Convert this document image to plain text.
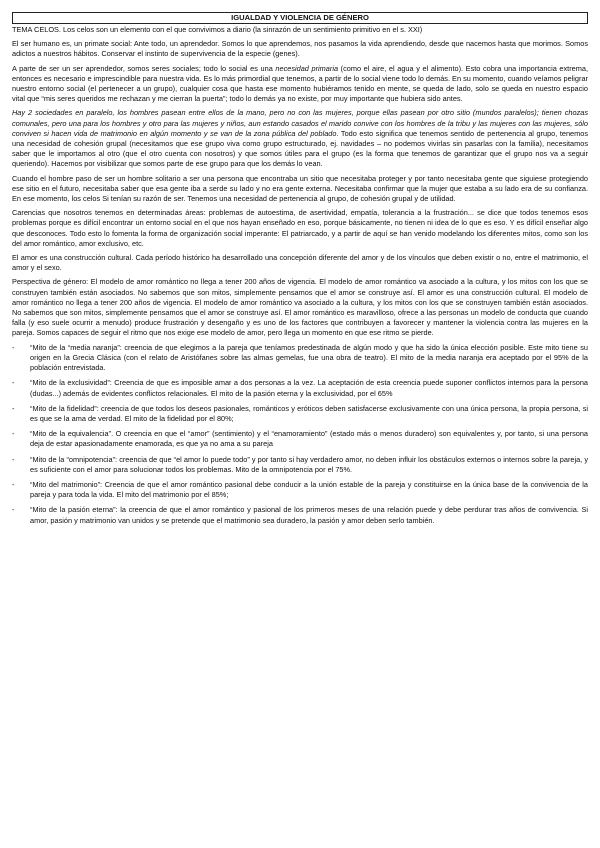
IGUALDAD Y VIOLENCIA DE GÉNERO

TEMA CELOS. Los celos son un elemento con el que convivimos a diario (la sinrazón de un sentimiento primitivo en el s. XXI)

El ser humano es, un primate social: Ante todo, un aprendedor. Somos lo que aprendemos, nos pasamos la vida aprendiendo, desde que nacemos hasta que morimos. Somos adictos a nuestros hábitos. Conservar el instinto de supervivencia de la especie (genes).

A parte de ser un ser aprendedor, somos seres sociales; todo lo social es una necesidad primaria (como el aire, el agua y el alimento). Esto cobra una importancia extrema, entonces es necesario e imprescindible para nuestra vida. Es lo más primordial que tenemos, a partir de lo social viene todo lo demás. En su momento, cuando veíamos peligrar nuestro entorno social (el pertenecer a un grupo), cualquier cosa que hasta ese momento hubiéramos tenido en mente, se queda de lado, solo se queda en nuestro espacio vital que “mis seres queridos me rechazan y me cierran la puerta”; todo lo demás ya no existe, por muy importante que hubiera sido antes.

Hay 2 sociedades en paralelo, los hombres pasean entre ellos de la mano, pero no con las mujeres, porque ellas pasean por otro sitio (mundos paralelos); tienen chozas comunales, pero una para los hombres y otro para las mujeres y niños, aun estando casados el marido convive con los hombres de la tribu y las mujeres con las mujeres, sólo conviven si hacen vida de matrimonio en algún momento y se van de la zona pública del poblado. Todo esto significa que tenemos sentido de pertenencia al grupo, tenemos una necesidad de cohesión grupal (necesitamos que ese grupo viva como grupo estructurado, ej. navidades – no podemos vivirlas sin pasarlas con la familia), necesitamos saber que le importamos al otro (que el otro cuenta con nosotros) y que somos útiles para el grupo (es la forma que tenemos de garantizar que el grupo nos va a seguir queriendo). Hacemos por visibilizar que somos parte de ese grupo para que los demás lo vean.

Cuando el hombre paso de ser un hombre solitario a ser una persona que encontraba un sitio que necesitaba proteger y por tanto necesitaba gente que siguiese protegiendo ese sitio en el futuro, necesitaba saber que esa gente iba a serde su lado y no era gente externa. Necesitaba confirmar que la mujer que estaba a su lado era de su confianza. En ese momento, los celos Si tenían su razón de ser. Tenemos una necesidad de pertenencia al grupo, de cohesión grupal y de utilidad.

Carencias que nosotros tenemos en determinadas áreas: problemas de autoestima, de asertividad, empatía, tolerancia a la frustración... se dice que todos tenemos esos problemas porque es difícil encontrar un entorno social en el que nos hayan enseñado en eso, porque básicamente, no tienen ni idea de lo que es eso. Y es difícil enseñar algo que desconoces. Todo esto lo fomenta la forma de organización social imperante: El patriarcado, y a partir de aquí se han venido modelando los diferentes mitos, como son los del amor romántico, amor exclusivo, etc.

El amor es una construcción cultural. Cada período histórico ha desarrollado una concepción diferente del amor y de los vínculos que deben existir o no, entre el matrimonio, el amor y el sexo.

Perspectiva de género: El modelo de amor romántico no llega a tener 200 años de vigencia. El modelo de amor romántico va asociado a la cultura, y los mitos con los que se construyen también están asociados. No sabemos que son mitos, simplemente pensamos que el amor se construye así. El amor es una construcción cultural. El modelo de amor romántico no llega a tener 200 años de vigencia. El modelo de amor romántico va asociado a la cultura, y los mitos con los que se construyen también están asociados. No sabemos que son mitos, simplemente pensamos que el amor se construye así. El amor romántico es maravilloso, ofrece a las personas un modelo de conducta que cuando falla (y eso suele ocurrir a menudo) produce frustración y desengaño y es uno de los factores que contribuyen a favorecer y mantener la violencia contra las mujeres en la pareja. Somos capaces de seguir el ritmo que nos exige ese modelo de amor, pero llega un momento en que ese ritmo se pierde.

- “Mito de la “media naranja”: creencia de que elegimos a la pareja que teníamos predestinada de algún modo y que ha sido la única elección posible. Este mito tiene su origen en la Grecia Clásica (con el relato de Aristófanes sobre las almas gemelas, fue una obra de teatro). El mito de la media naranja era aceptado por el 95% de la población entrevistada.
- “Mito de la exclusividad”: Creencia de que es imposible amar a dos personas a la vez. La aceptación de esta creencia puede suponer conflictos internos para la persona (dudas...) además de evidentes conflictos relacionales. El mito de la pasión eterna y la exclusividad, por el 65%
- “Mito de la fidelidad”: creencia de que todos los deseos pasionales, románticos y eróticos deben satisfacerse exclusivamente con una única persona, la propia persona, si es que se la ama de verdad. El mito de la fidelidad por el 80%;
- “Mito de la equivalencia”. O creencia en que el “amor” (sentimiento) y el “enamoramiento” (estado más o menos duradero) son equivalentes y, por tanto, si una persona deja de estar apasionadamente enamorada, es que ya no ama a su pareja
- “Mito de la “omnipotencia”: creencia de que “el amor lo puede todo” y por tanto si hay verdadero amor, no deben influir los obstáculos externos o internos sobre la pareja, y es suficiente con el amor para solucionar todos los problemas. Mito de la omnipotencia por el 75%.
- “Mito del matrimonio”: Creencia de que el amor romántico pasional debe conducir a la unión estable de la pareja y constituirse en la única base de la convivencia de la pareja y para toda la vida. El mito del matrimonio por el 85%;
- “Mito de la pasión eterna”: la creencia de que el amor romántico y pasional de los primeros meses de una relación puede y debe perdurar tras años de convivencia. Si amor, pasión y matrimonio van unidos y se pretende que el matrimonio sea duradero, la pasión y amor deben serlo también.
